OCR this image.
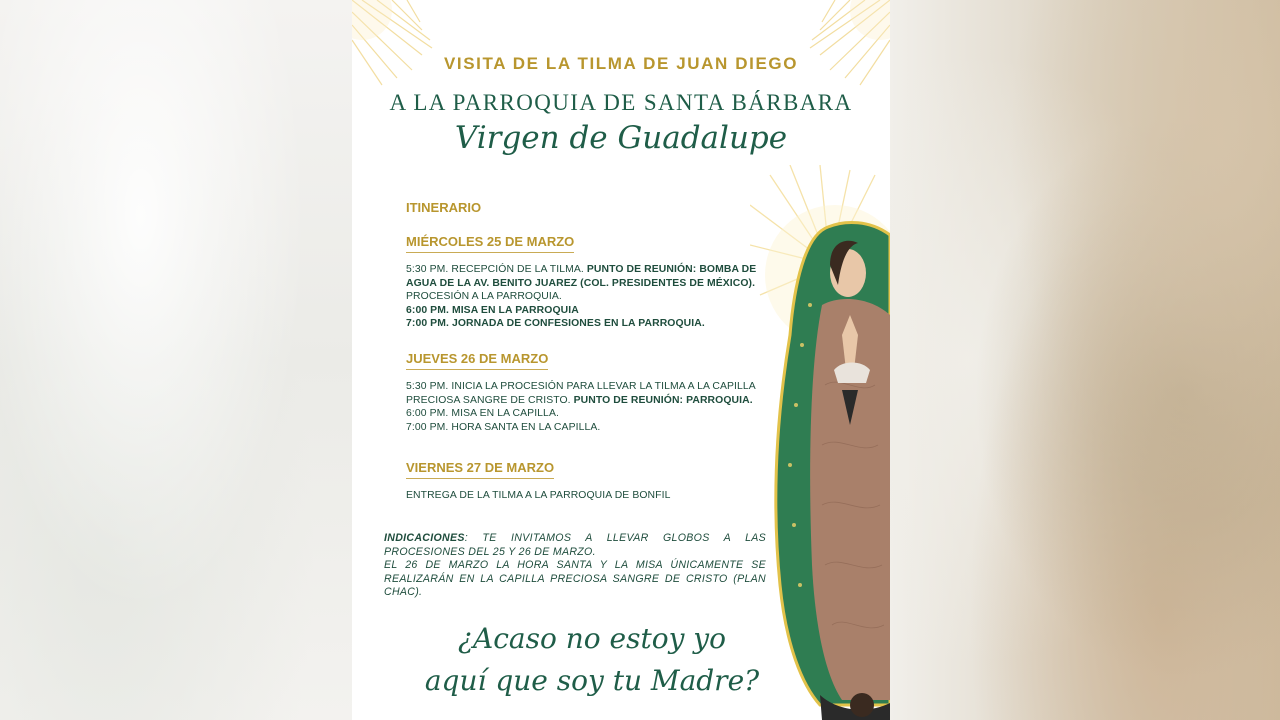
VISITA DE LA TILMA DE JUAN DIEGO
A LA PARROQUIA DE SANTA BÁRBARA
Virgen de Guadalupe
ITINERARIO
MIÉRCOLES 25 DE MARZO
5:30 PM. RECEPCIÓN DE LA TILMA. PUNTO DE REUNIÓN: BOMBA DE AGUA DE LA AV. BENITO JUAREZ (COL. PRESIDENTES DE MÉXICO).
PROCESIÓN A LA PARROQUIA.
6:00 PM. MISA EN LA PARROQUIA
7:00 PM. JORNADA DE CONFESIONES EN LA PARROQUIA.
JUEVES 26 DE MARZO
5:30 PM. INICIA LA PROCESIÓN PARA LLEVAR LA TILMA A LA CAPILLA PRECIOSA SANGRE DE CRISTO. PUNTO DE REUNIÓN: PARROQUIA.
6:00 PM. MISA EN LA CAPILLA.
7:00 PM. HORA SANTA EN LA CAPILLA.
VIERNES 27 DE MARZO
ENTREGA DE LA TILMA A LA PARROQUIA DE BONFIL
INDICACIONES: TE INVITAMOS A LLEVAR GLOBOS A LAS PROCESIONES DEL 25 Y 26 DE MARZO.
EL 26 DE MARZO LA HORA SANTA Y LA MISA ÚNICAMENTE SE REALIZARÁN EN LA CAPILLA PRECIOSA SANGRE DE CRISTO (PLAN CHAC).
¿Acaso no estoy yo
aquí que soy tu Madre?
